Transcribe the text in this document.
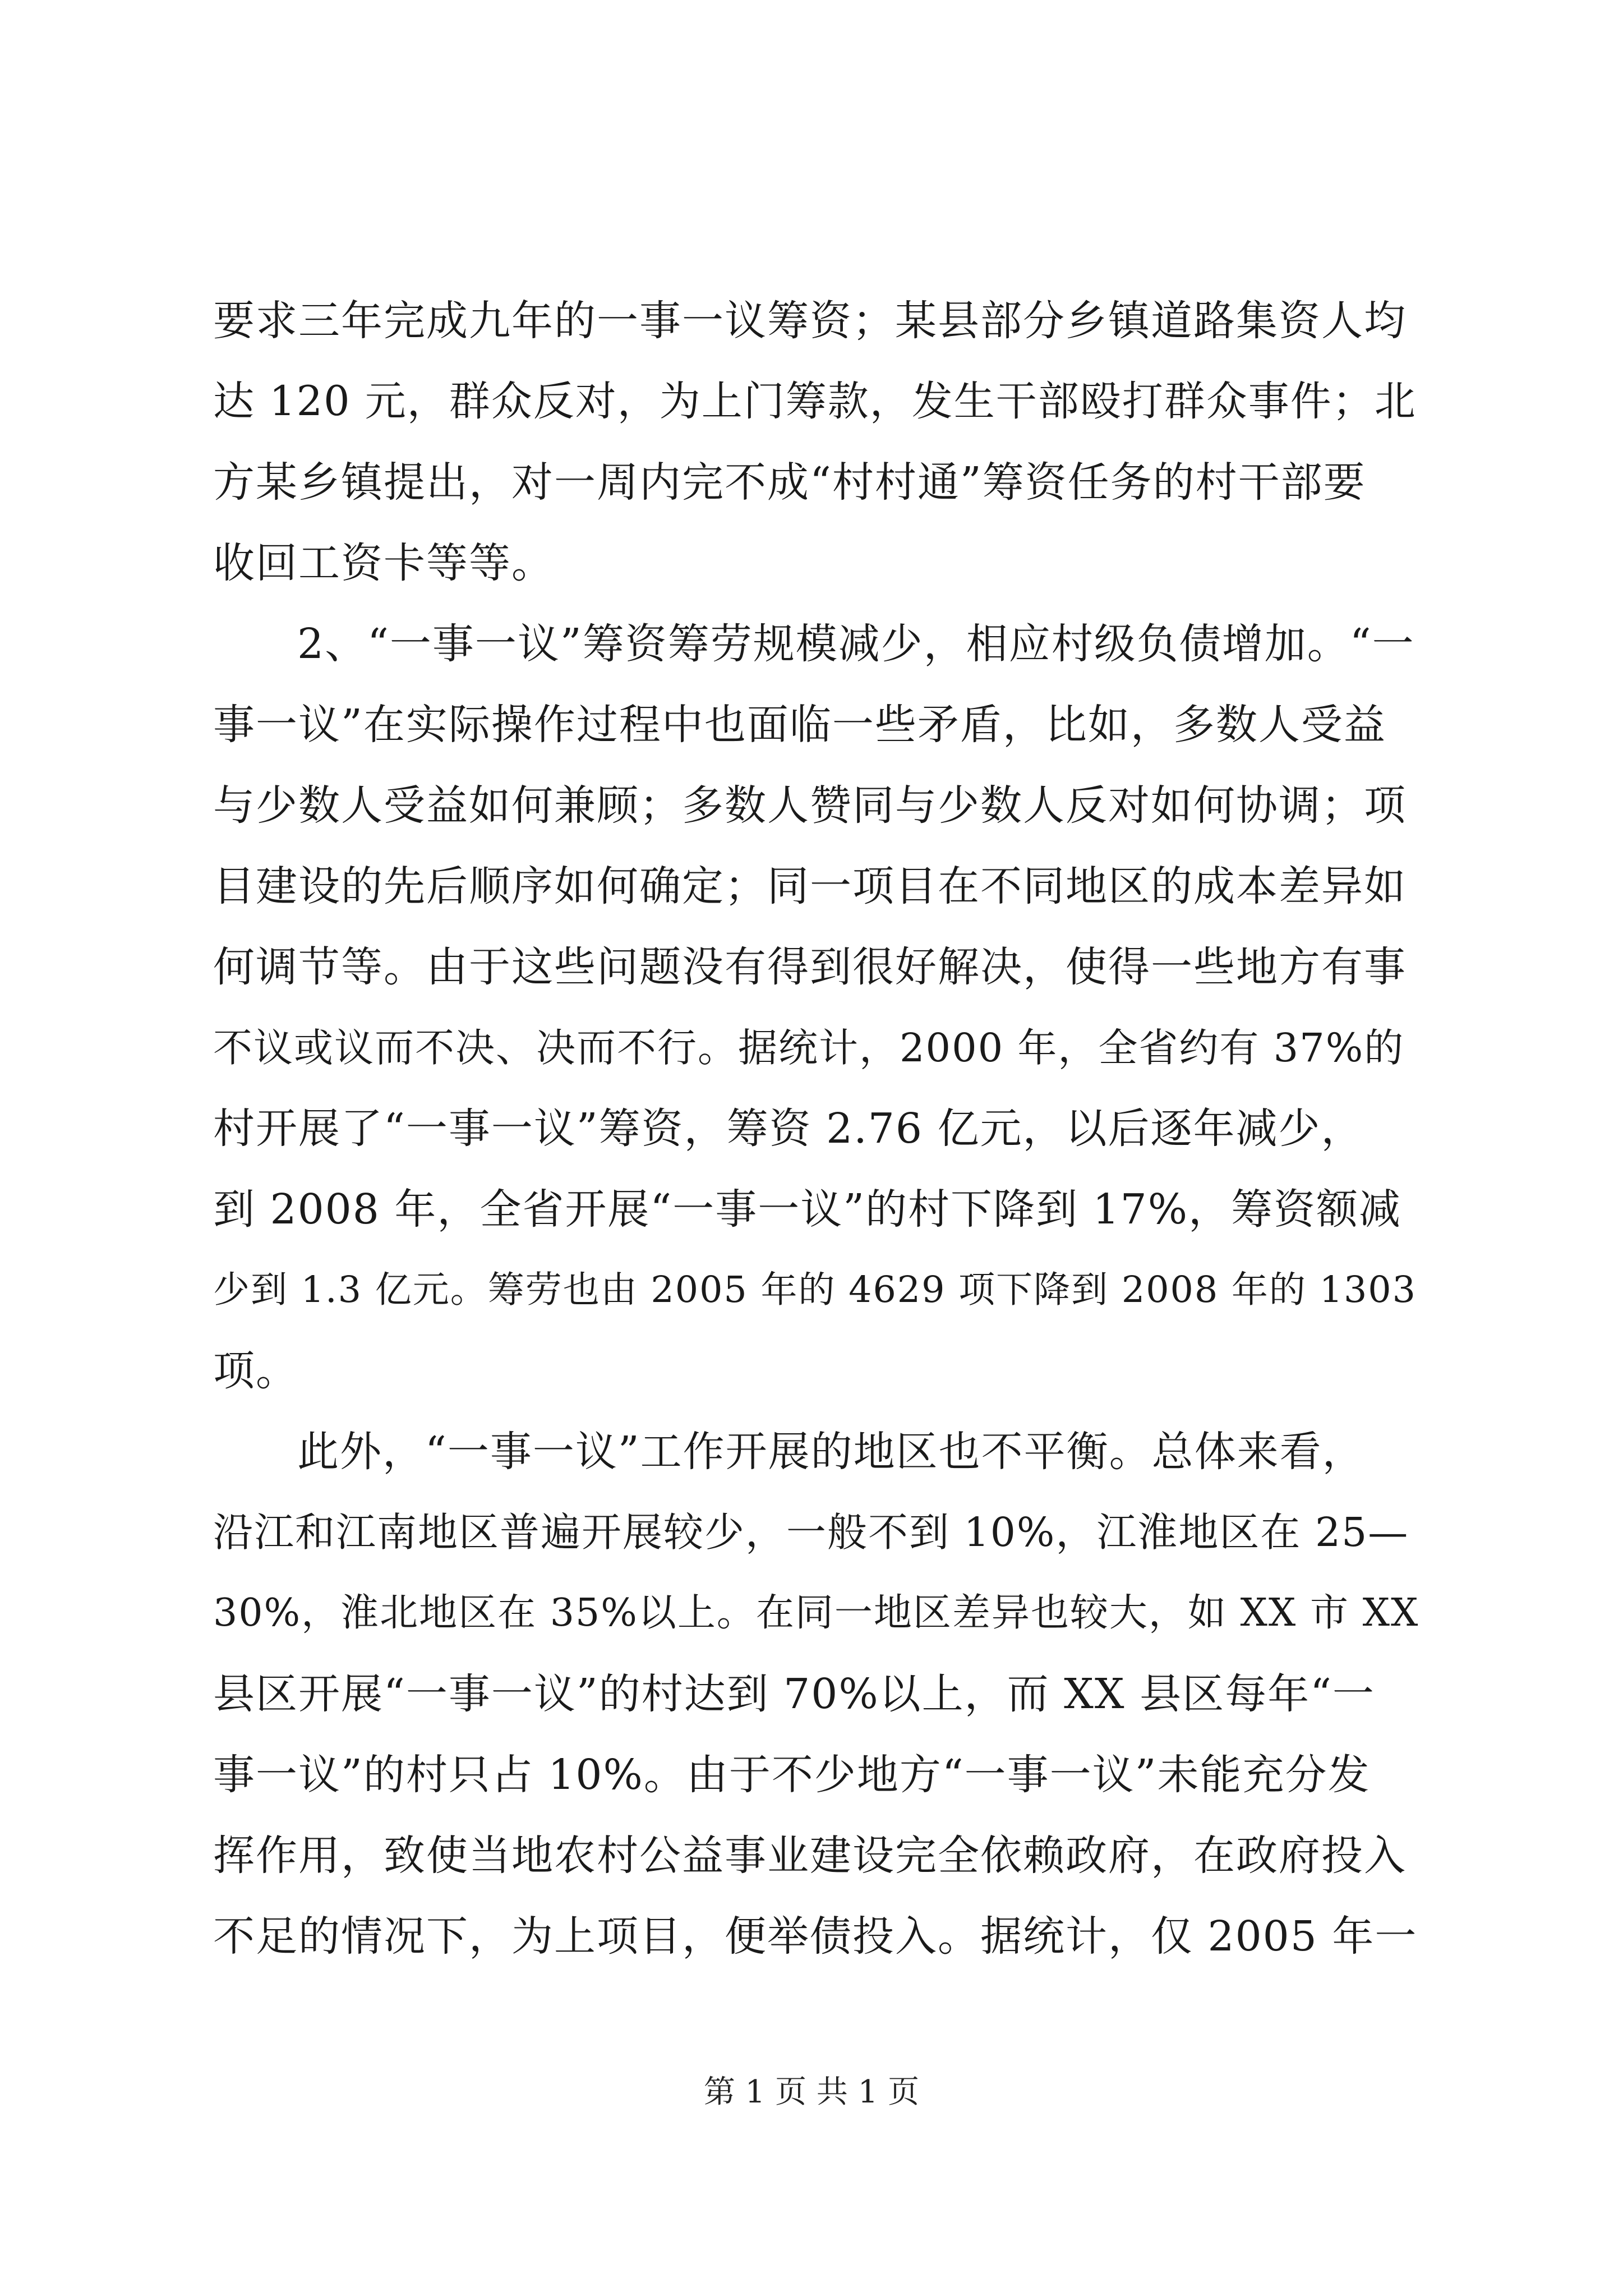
要求三年完成九年的一事一议筹资；某县部分乡镇道路集资人均
达 120 元，群众反对，为上门筹款，发生干部殴打群众事件；北
方某乡镇提出，对一周内完不成“村村通”筹资任务的村干部要
收回工资卡等等。
2、“一事一议”筹资筹劳规模减少，相应村级负债增加。“一
事一议”在实际操作过程中也面临一些矛盾，比如，多数人受益
与少数人受益如何兼顾；多数人赞同与少数人反对如何协调；项
目建设的先后顺序如何确定；同一项目在不同地区的成本差异如
何调节等。由于这些问题没有得到很好解决，使得一些地方有事
不议或议而不决、决而不行。据统计，2000 年，全省约有 37%的
村开展了“一事一议”筹资，筹资 2.76 亿元，以后逐年减少，
到 2008 年，全省开展“一事一议”的村下降到 17%，筹资额减
少到 1.3 亿元。筹劳也由 2005 年的 4629 项下降到 2008 年的 1303
项。
此外，“一事一议”工作开展的地区也不平衡。总体来看，
沿江和江南地区普遍开展较少，一般不到 10%，江淮地区在 25—
30%，淮北地区在 35%以上。在同一地区差异也较大，如 XX 市 XX
县区开展“一事一议”的村达到 70%以上，而 XX 县区每年“一
事一议”的村只占 10%。由于不少地方“一事一议”未能充分发
挥作用，致使当地农村公益事业建设完全依赖政府，在政府投入
不足的情况下，为上项目，便举债投入。据统计，仅 2005 年一
第 1 页 共 1 页
